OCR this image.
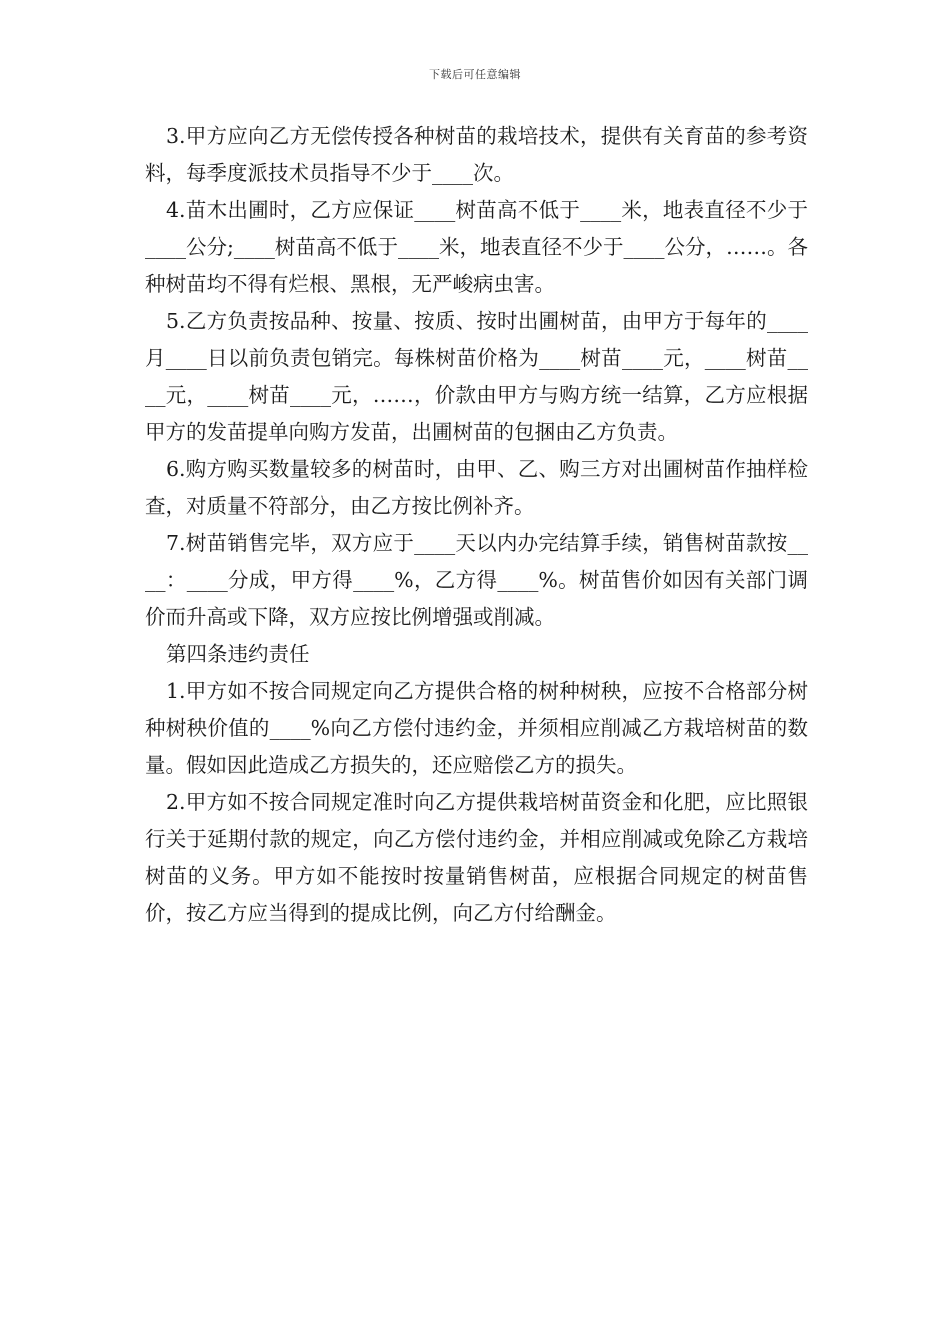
下载后可任意编辑

3.甲方应向乙方无偿传授各种树苗的栽培技术，提供有关育苗的参考资料，每季度派技术员指导不少于____次。

4.苗木出圃时，乙方应保证____树苗高不低于____米，地表直径不少于____公分;____树苗高不低于____米，地表直径不少于____公分，……。各种树苗均不得有烂根、黑根，无严峻病虫害。

5.乙方负责按品种、按量、按质、按时出圃树苗，由甲方于每年的____月____日以前负责包销完。每株树苗价格为____树苗____元，____树苗____元，____树苗____元，……，价款由甲方与购方统一结算，乙方应根据甲方的发苗提单向购方发苗，出圃树苗的包捆由乙方负责。

6.购方购买数量较多的树苗时，由甲、乙、购三方对出圃树苗作抽样检查，对质量不符部分，由乙方按比例补齐。

7.树苗销售完毕，双方应于____天以内办完结算手续，销售树苗款按____：____分成，甲方得____%，乙方得____%。树苗售价如因有关部门调价而升高或下降，双方应按比例增强或削减。

第四条违约责任

1.甲方如不按合同规定向乙方提供合格的树种树秧，应按不合格部分树种树秧价值的____%向乙方偿付违约金，并须相应削减乙方栽培树苗的数量。假如因此造成乙方损失的，还应赔偿乙方的损失。

2.甲方如不按合同规定准时向乙方提供栽培树苗资金和化肥，应比照银行关于延期付款的规定，向乙方偿付违约金，并相应削减或免除乙方栽培树苗的义务。甲方如不能按时按量销售树苗，应根据合同规定的树苗售价，按乙方应当得到的提成比例，向乙方付给酬金。
